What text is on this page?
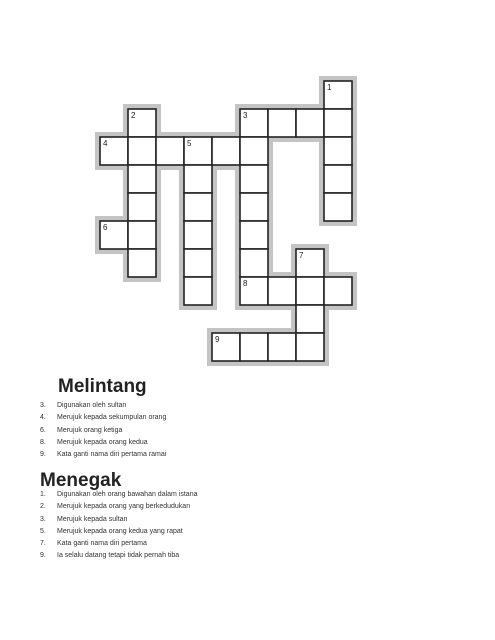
1
2	3
4	5
6
7
8
9
Melintang
3.	Digunakan oleh sultan
4.	Merujuk kepada sekumpulan orang
6.	Merujuk orang ketiga
8.	Merujuk kepada orang kedua
9.	Kata ganti nama diri pertama ramai
Menegak
1.	Digunakan oleh orang bawahan dalam istana
2.	Merujuk kepada orang yang berkedudukan
3.	Merujuk kepada sultan
5.	Merujuk kepada orang kedua yang rapat
7.	Kata ganti nama diri pertama
9.	Ia selalu datang tetapi tidak pernah tiba
